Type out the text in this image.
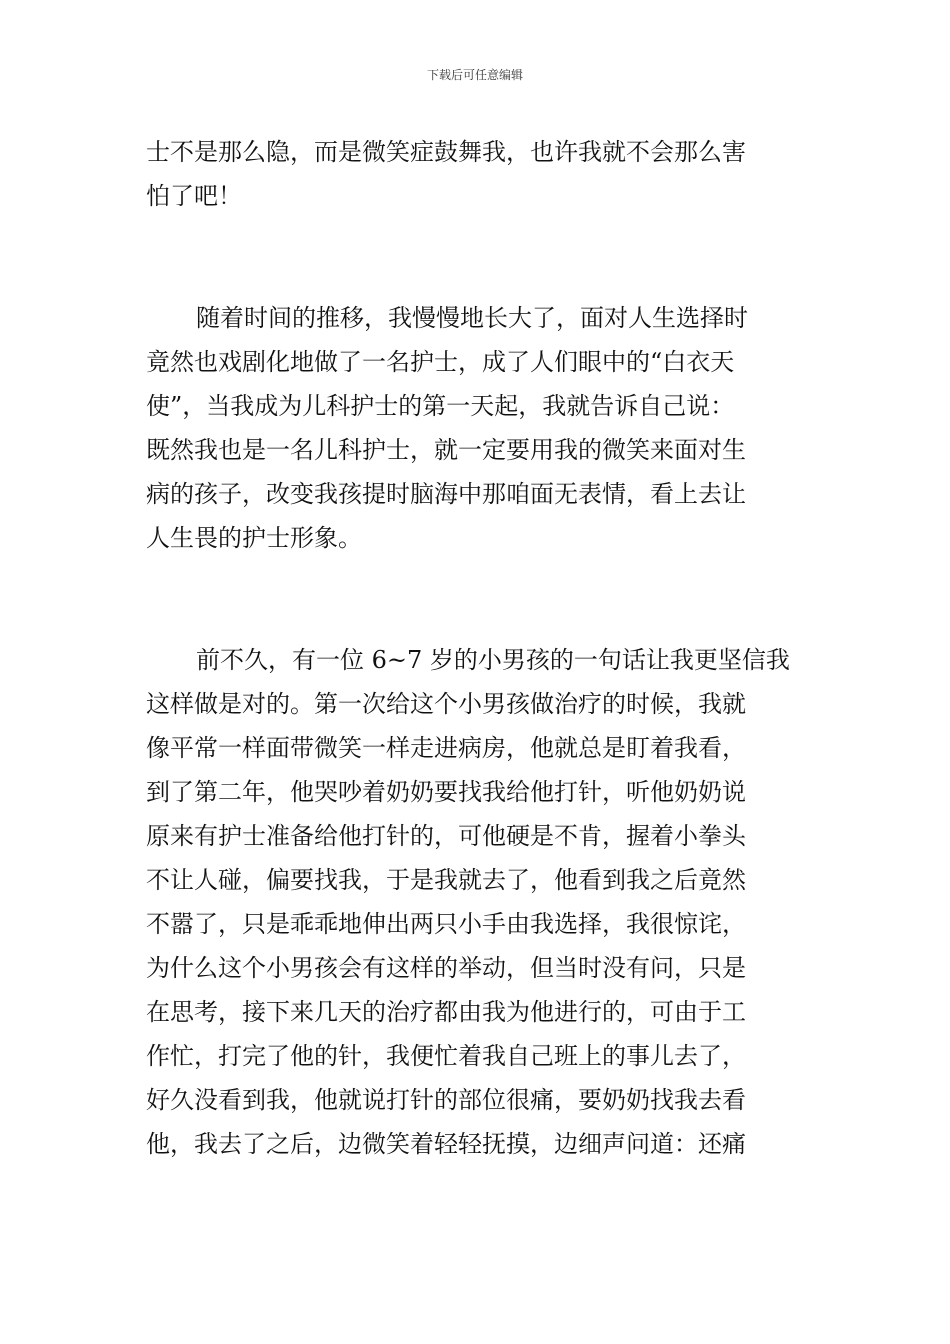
下载后可任意编辑
士不是那么隐，而是微笑症鼓舞我，也许我就不会那么害
怕了吧！
随着时间的推移，我慢慢地长大了，面对人生选择时
竟然也戏剧化地做了一名护士，成了人们眼中的“白衣天
使”，当我成为儿科护士的第一天起，我就告诉自己说：
既然我也是一名儿科护士，就一定要用我的微笑来面对生
病的孩子，改变我孩提时脑海中那咱面无表情，看上去让
人生畏的护士形象。
前不久，有一位 6~7 岁的小男孩的一句话让我更坚信我
这样做是对的。第一次给这个小男孩做治疗的时候，我就
像平常一样面带微笑一样走进病房，他就总是盯着我看，
到了第二年，他哭吵着奶奶要找我给他打针，听他奶奶说
原来有护士准备给他打针的，可他硬是不肯，握着小拳头
不让人碰，偏要找我，于是我就去了，他看到我之后竟然
不嚣了，只是乖乖地伸出两只小手由我选择，我很惊诧，
为什么这个小男孩会有这样的举动，但当时没有问，只是
在思考，接下来几天的治疗都由我为他进行的，可由于工
作忙，打完了他的针，我便忙着我自己班上的事儿去了，
好久没看到我，他就说打针的部位很痛，要奶奶找我去看
他，我去了之后，边微笑着轻轻抚摸，边细声问道：还痛
